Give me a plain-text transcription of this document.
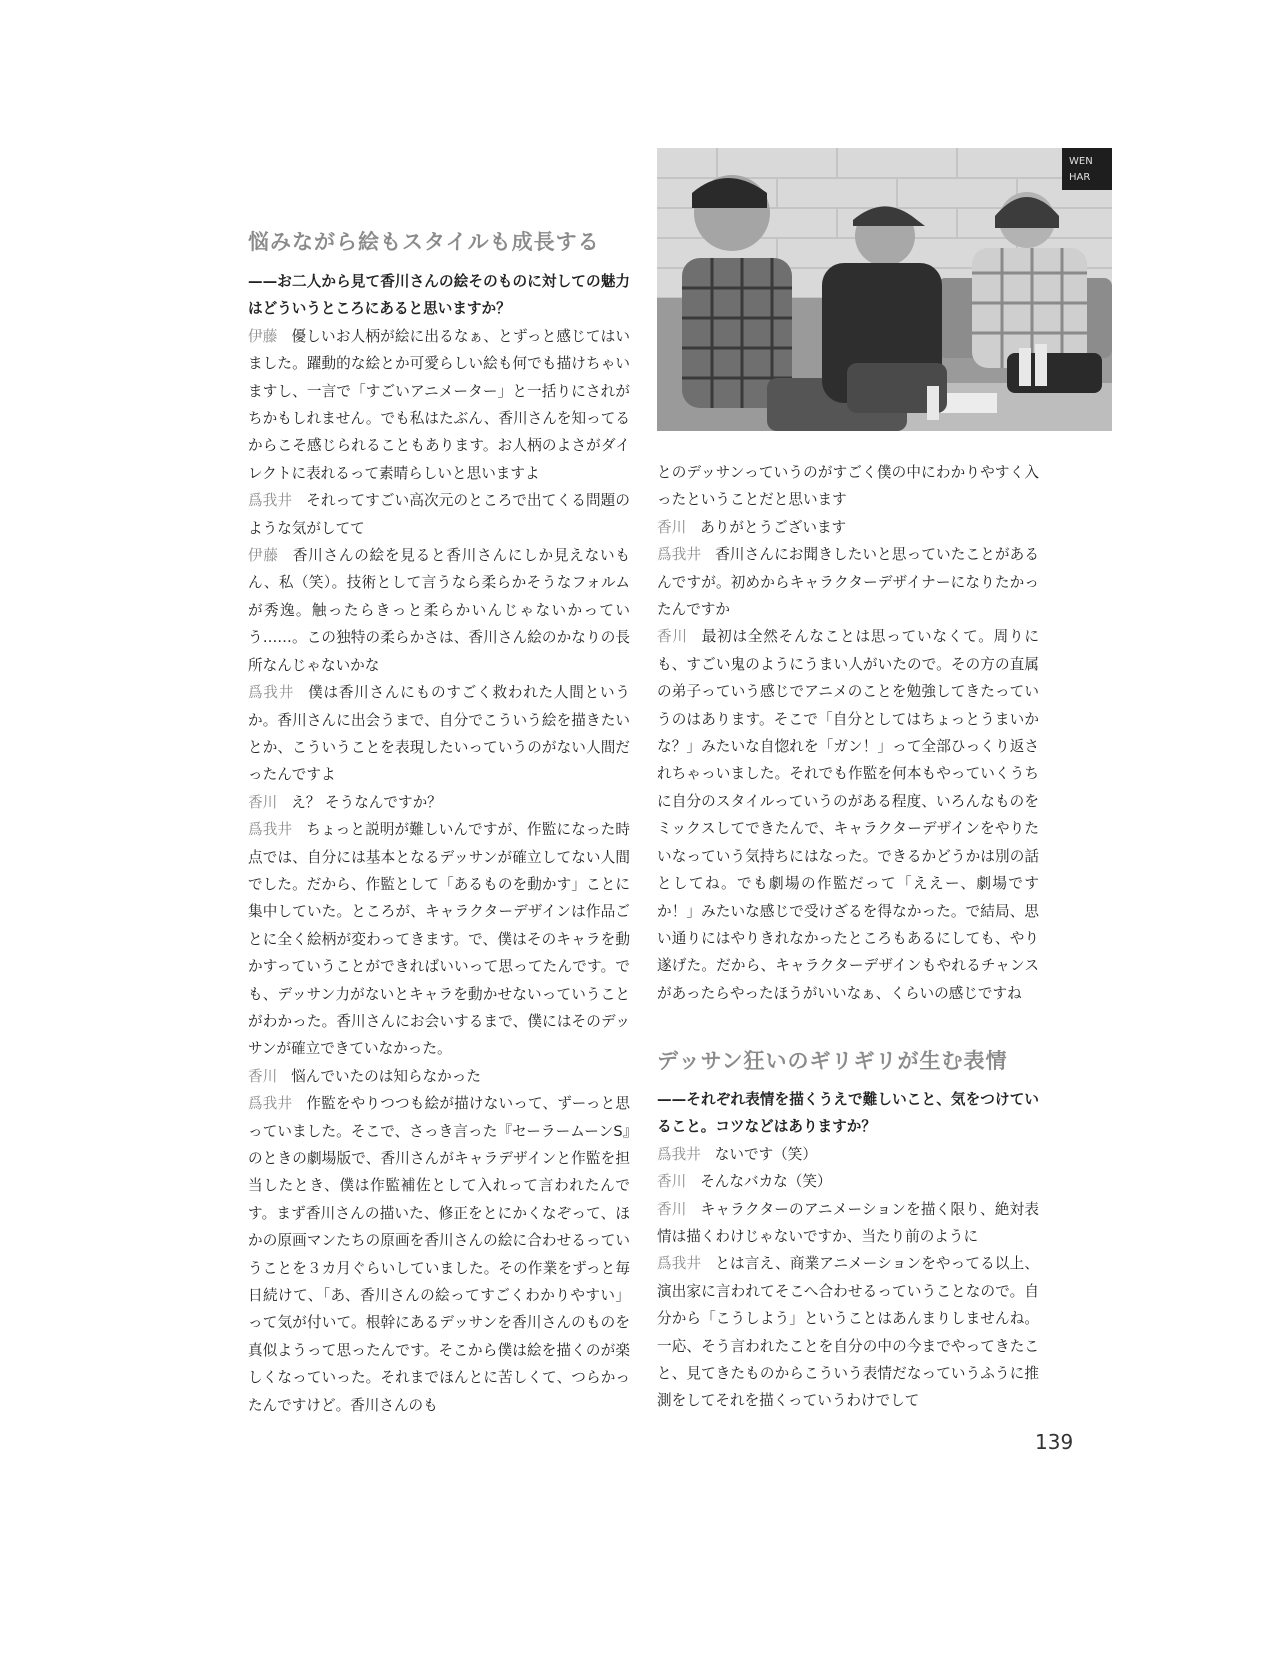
悩みながら絵もスタイルも成長する

——お二人から見て香川さんの絵そのものに対しての魅力はどういうところにあると思いますか？

伊藤 優しいお人柄が絵に出るなぁ、とずっと感じてはいました。躍動的な絵とか可愛らしい絵も何でも描けちゃいますし、一言で「すごいアニメーター」と一括りにされがちかもしれません。でも私はたぶん、香川さんを知ってるからこそ感じられることもあります。お人柄のよさがダイレクトに表れるって素晴らしいと思いますよ

爲我井 それってすごい高次元のところで出てくる問題のような気がしてて

伊藤 香川さんの絵を見ると香川さんにしか見えないもん、私（笑）。技術として言うなら柔らかそうなフォルムが秀逸。触ったらきっと柔らかいんじゃないかっていう……。この独特の柔らかさは、香川さん絵のかなりの長所なんじゃないかな

爲我井 僕は香川さんにものすごく救われた人間というか。香川さんに出会うまで、自分でこういう絵を描きたいとか、こういうことを表現したいっていうのがない人間だったんですよ

香川 え？ そうなんですか？

爲我井 ちょっと説明が難しいんですが、作監になった時点では、自分には基本となるデッサンが確立してない人間でした。だから、作監として「あるものを動かす」ことに集中していた。ところが、キャラクターデザインは作品ごとに全く絵柄が変わってきます。で、僕はそのキャラを動かすっていうことができればいいって思ってたんです。でも、デッサン力がないとキャラを動かせないっていうことがわかった。香川さんにお会いするまで、僕にはそのデッサンが確立できていなかった。

香川 悩んでいたのは知らなかった

爲我井 作監をやりつつも絵が描けないって、ずーっと思っていました。そこで、さっき言った『セーラームーンS』のときの劇場版で、香川さんがキャラデザインと作監を担当したとき、僕は作監補佐として入れって言われたんです。まず香川さんの描いた、修正をとにかくなぞって、ほかの原画マンたちの原画を香川さんの絵に合わせるっていうことを３カ月ぐらいしていました。その作業をずっと毎日続けて、「あ、香川さんの絵ってすごくわかりやすい」って気が付いて。根幹にあるデッサンを香川さんのものを真似ようって思ったんです。そこから僕は絵を描くのが楽しくなっていった。それまでほんとに苦しくて、つらかったんですけど。香川さんのも

WEN
HAR

とのデッサンっていうのがすごく僕の中にわかりやすく入ったということだと思います

香川 ありがとうございます

爲我井 香川さんにお聞きしたいと思っていたことがあるんですが。初めからキャラクターデザイナーになりたかったんですか

香川 最初は全然そんなことは思っていなくて。周りにも、すごい鬼のようにうまい人がいたので。その方の直属の弟子っていう感じでアニメのことを勉強してきたっていうのはあります。そこで「自分としてはちょっとうまいかな？」みたいな自惚れを「ガン！」って全部ひっくり返されちゃっいました。それでも作監を何本もやっていくうちに自分のスタイルっていうのがある程度、いろんなものをミックスしてできたんで、キャラクターデザインをやりたいなっていう気持ちにはなった。できるかどうかは別の話としてね。でも劇場の作監だって「ええー、劇場ですか！」みたいな感じで受けざるを得なかった。で結局、思い通りにはやりきれなかったところもあるにしても、やり遂げた。だから、キャラクターデザインもやれるチャンスがあったらやったほうがいいなぁ、くらいの感じですね

デッサン狂いのギリギリが生む表情

——それぞれ表情を描くうえで難しいこと、気をつけていること。コツなどはありますか？

爲我井 ないです（笑）

香川 そんなバカな（笑）

香川 キャラクターのアニメーションを描く限り、絶対表情は描くわけじゃないですか、当たり前のように

爲我井 とは言え、商業アニメーションをやってる以上、演出家に言われてそこへ合わせるっていうことなので。自分から「こうしよう」ということはあんまりしませんね。一応、そう言われたことを自分の中の今までやってきたこと、見てきたものからこういう表情だなっていうふうに推測をしてそれを描くっていうわけでして

139
